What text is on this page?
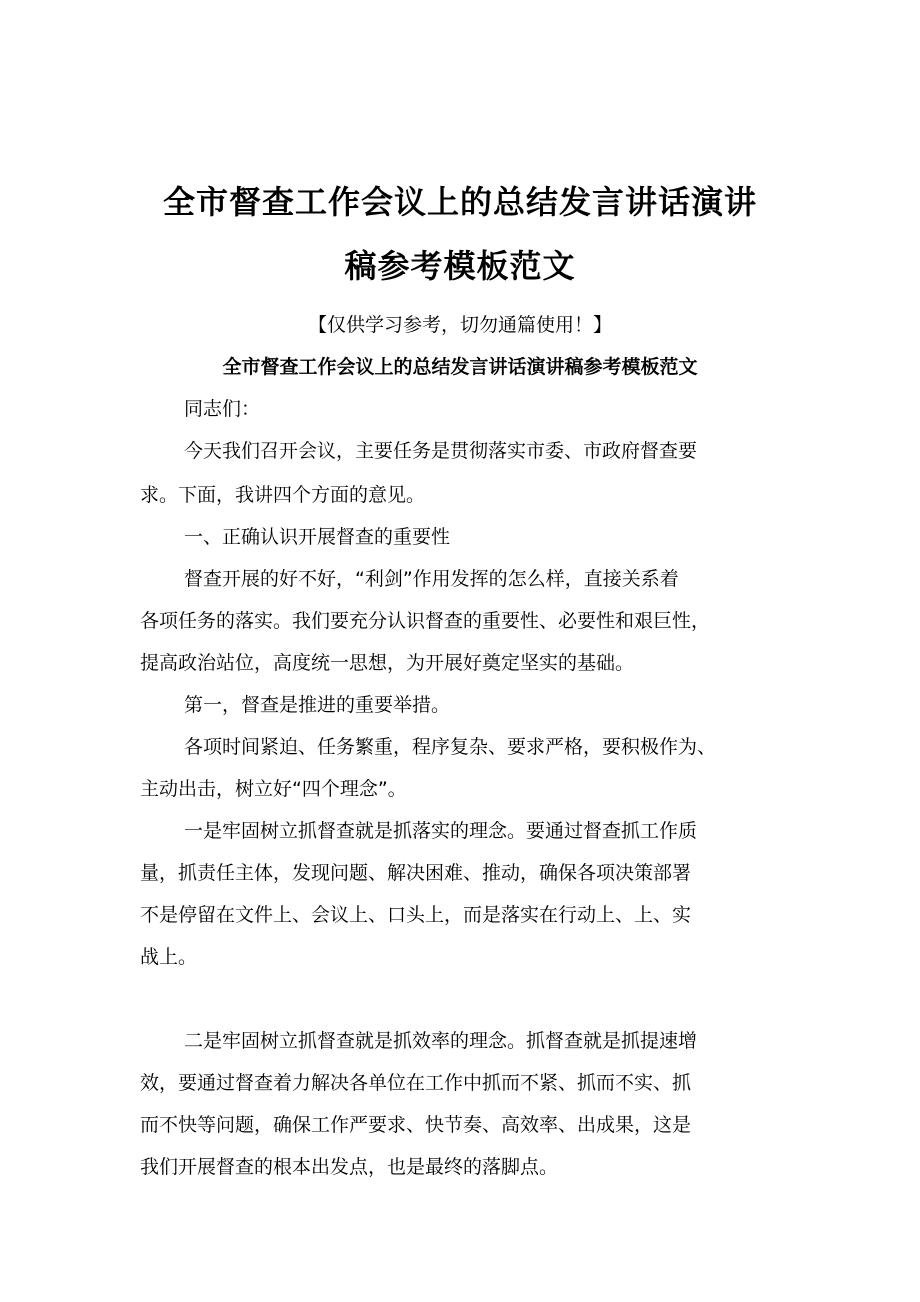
全市督查工作会议上的总结发言讲话演讲
稿参考模板范文
【仅供学习参考，切勿通篇使用！】
全市督查工作会议上的总结发言讲话演讲稿参考模板范文
同志们：
今天我们召开会议，主要任务是贯彻落实市委、市政府督查要
求。下面，我讲四个方面的意见。
一、正确认识开展督查的重要性
督查开展的好不好，“利剑”作用发挥的怎么样，直接关系着
各项任务的落实。我们要充分认识督查的重要性、必要性和艰巨性，
提高政治站位，高度统一思想，为开展好奠定坚实的基础。
第一，督查是推进的重要举措。
各项时间紧迫、任务繁重，程序复杂、要求严格，要积极作为、
主动出击，树立好“四个理念”。
一是牢固树立抓督查就是抓落实的理念。要通过督查抓工作质
量，抓责任主体，发现问题、解决困难、推动，确保各项决策部署
不是停留在文件上、会议上、口头上，而是落实在行动上、上、实
战上。
二是牢固树立抓督查就是抓效率的理念。抓督查就是抓提速增
效，要通过督查着力解决各单位在工作中抓而不紧、抓而不实、抓
而不快等问题，确保工作严要求、快节奏、高效率、出成果，这是
我们开展督查的根本出发点，也是最终的落脚点。
